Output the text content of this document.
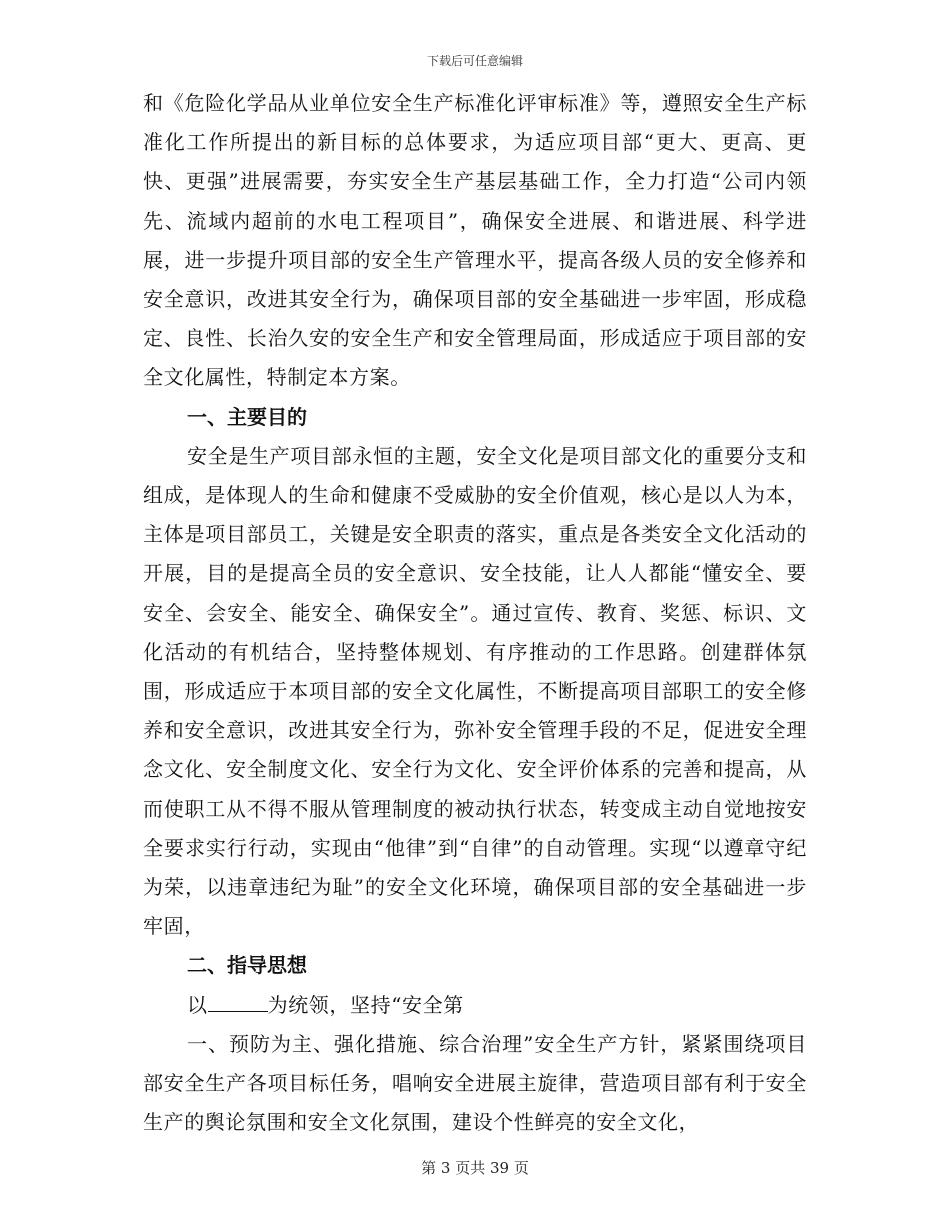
下载后可任意编辑

和《危险化学品从业单位安全生产标准化评审标准》等，遵照安全生产标准化工作所提出的新目标的总体要求，为适应项目部“更大、更高、更快、更强”进展需要，夯实安全生产基层基础工作，全力打造“公司内领先、流域内超前的水电工程项目”，确保安全进展、和谐进展、科学进展，进一步提升项目部的安全生产管理水平，提高各级人员的安全修养和安全意识，改进其安全行为，确保项目部的安全基础进一步牢固，形成稳定、良性、长治久安的安全生产和安全管理局面，形成适应于项目部的安全文化属性，特制定本方案。

一、主要目的

安全是生产项目部永恒的主题，安全文化是项目部文化的重要分支和组成，是体现人的生命和健康不受威胁的安全价值观，核心是以人为本，主体是项目部员工，关键是安全职责的落实，重点是各类安全文化活动的开展，目的是提高全员的安全意识、安全技能，让人人都能“懂安全、要安全、会安全、能安全、确保安全”。通过宣传、教育、奖惩、标识、文化活动的有机结合，坚持整体规划、有序推动的工作思路。创建群体氛围，形成适应于本项目部的安全文化属性，不断提高项目部职工的安全修养和安全意识，改进其安全行为，弥补安全管理手段的不足，促进安全理念文化、安全制度文化、安全行为文化、安全评价体系的完善和提高，从而使职工从不得不服从管理制度的被动执行状态，转变成主动自觉地按安全要求实行行动，实现由“他律”到“自律”的自动管理。实现“以遵章守纪为荣，以违章违纪为耻”的安全文化环境，确保项目部的安全基础进一步牢固，

二、指导思想

以	为统领，坚持“安全第

一、预防为主、强化措施、综合治理”安全生产方针，紧紧围绕项目部安全生产各项目标任务，唱响安全进展主旋律，营造项目部有利于安全生产的舆论氛围和安全文化氛围，建设个性鲜亮的安全文化，

第 3 页共 39 页
